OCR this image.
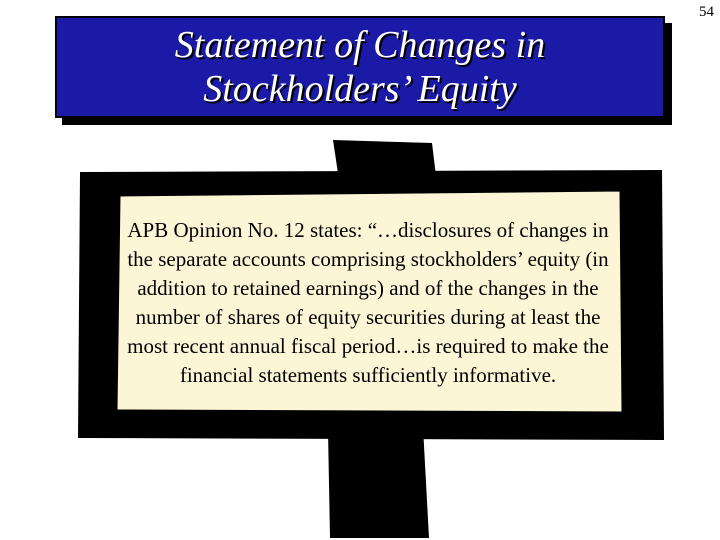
Statement of Changes in
Stockholders’ Equity
54

APB Opinion No. 12 states: “…disclosures of changes in the separate accounts comprising stockholders’ equity (in addition to retained earnings) and of the changes in the number of shares of equity securities during at least the most recent annual fiscal period…is required to make the financial statements sufficiently informative.
